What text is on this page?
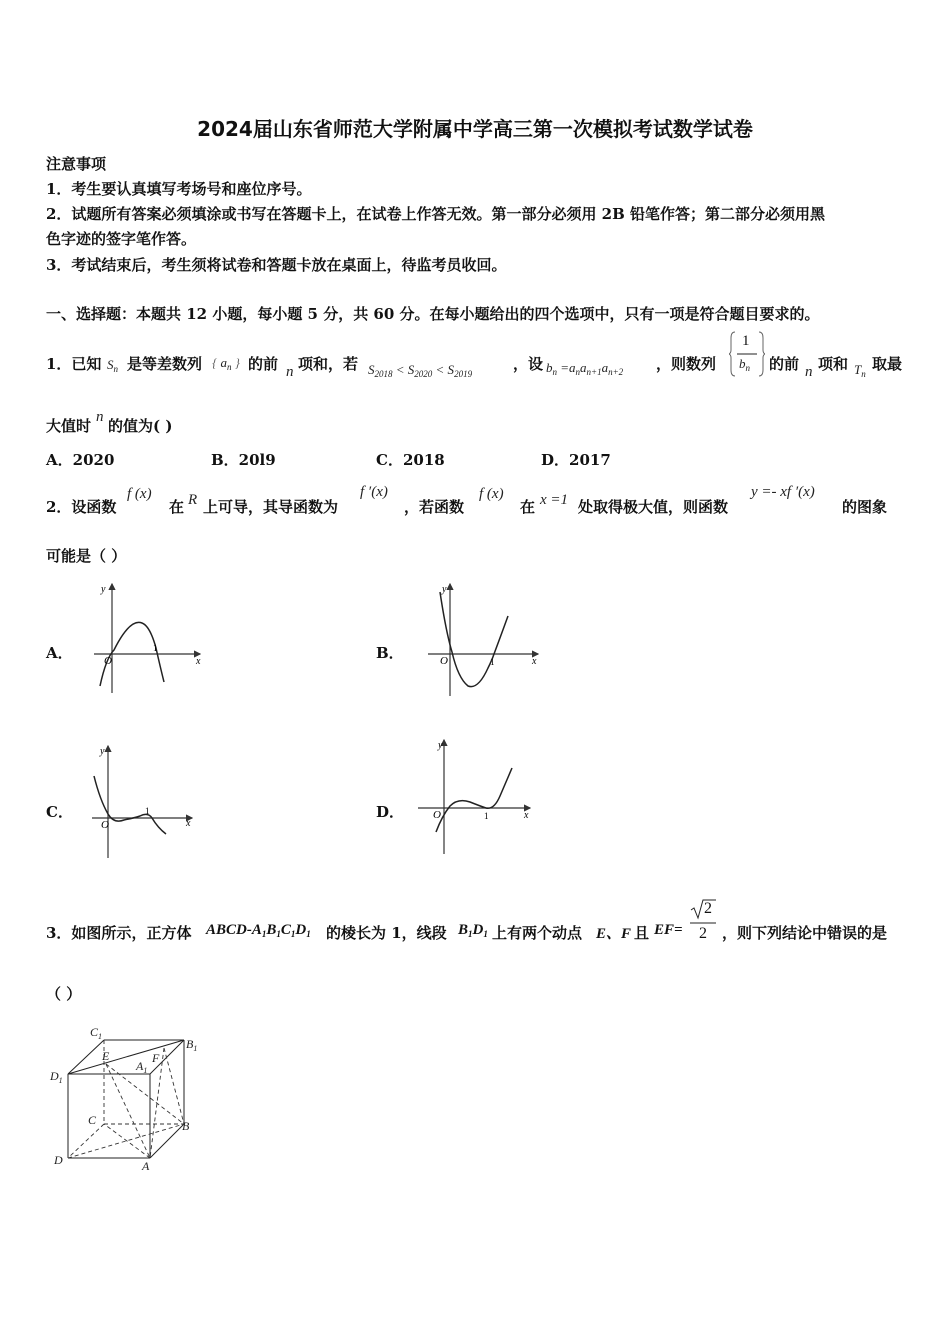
2024届山东省师范大学附属中学高三第一次模拟考试数学试卷
注意事项
1．考生要认真填写考场号和座位序号。
2．试题所有答案必须填涂或书写在答题卡上，在试卷上作答无效。第一部分必须用 2B 铅笔作答；第二部分必须用黑
色字迹的签字笔作答。
3．考试结束后，考生须将试卷和答题卡放在桌面上，待监考员收回。
一、选择题：本题共 12 小题，每小题 5 分，共 60 分。在每小题给出的四个选项中，只有一项是符合题目要求的。
1．已知 $S_n$ 是等差数列 { $a_n$ } 的前 n 项和，若 $S_{2018} < S_{2020} < S_{2019}$
，设 $b_n =a_na_{n+1}a_{n+2}$ ，则数列
1
$b_n$ 的前 n 项和 $T_n$
取最
大值时 n 的值为( )
A．2020	B．20l9	C．2018	D．2017
2．设函数
f (x)
在 R 上可导，其导函数为
f ′(x)
，若函数
f (x)
在 x =1 处取得极大值，则函数
y =- xf ′(x)
的图象
可能是（ ）
A．	B．
C．	D．
O
1
y
x	O	1
y
x
O
1
y
x
O	1
y
x
3．如图所示，正方体 ABCD-$A_1B_1C_1D_1$ 的棱长为 1，线段 $B_1D_1$ 上有两个动点 E、F 且 EF=
2
2 ，则下列结论中错误的是
（ ）
$C_1$
$B_1$
$D_1$
$A_1$
E	F
C	B
D	A
